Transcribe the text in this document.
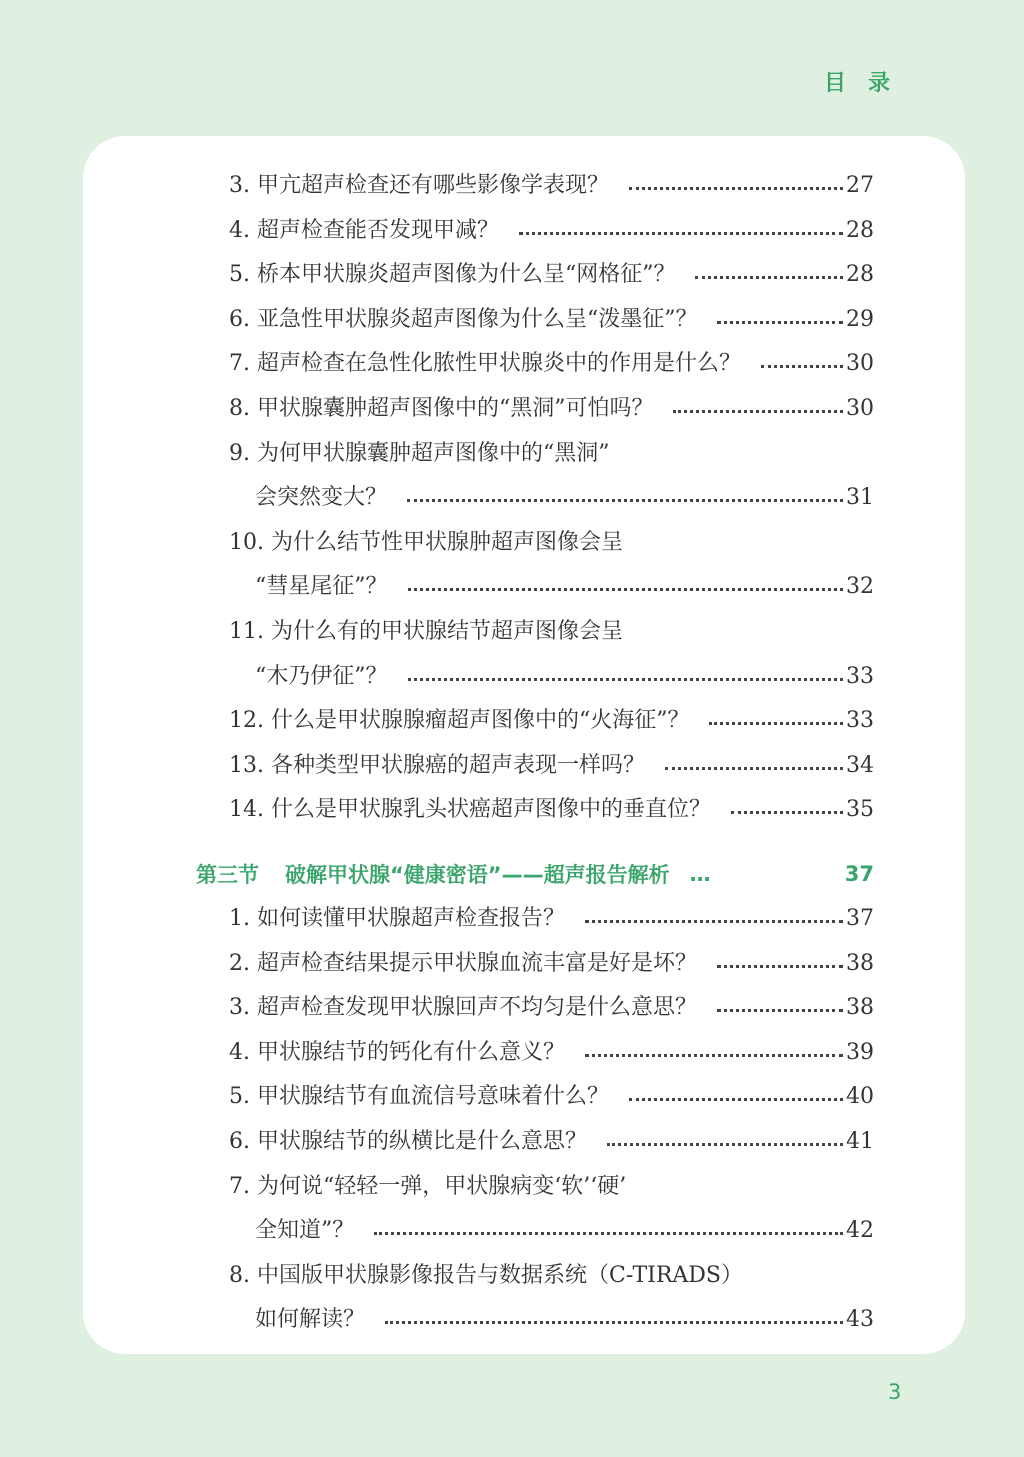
目录
3. 甲亢超声检查还有哪些影像学表现？	27
4. 超声检查能否发现甲减？	28
5. 桥本甲状腺炎超声图像为什么呈“网格征”？	28
6. 亚急性甲状腺炎超声图像为什么呈“泼墨征”？	29
7. 超声检查在急性化脓性甲状腺炎中的作用是什么？	30
8. 甲状腺囊肿超声图像中的“黑洞”可怕吗？	30
9. 为何甲状腺囊肿超声图像中的“黑洞”
会突然变大？	31
10. 为什么结节性甲状腺肿超声图像会呈
“彗星尾征”？	32
11. 为什么有的甲状腺结节超声图像会呈
“木乃伊征”？	33
12. 什么是甲状腺腺瘤超声图像中的“火海征”？	33
13. 各种类型甲状腺癌的超声表现一样吗？	34
14. 什么是甲状腺乳头状癌超声图像中的垂直位？	35
第三节 破解甲状腺“健康密语”——超声报告解析 …	37
1. 如何读懂甲状腺超声检查报告？	37
2. 超声检查结果提示甲状腺血流丰富是好是坏？	38
3. 超声检查发现甲状腺回声不均匀是什么意思？	38
4. 甲状腺结节的钙化有什么意义？	39
5. 甲状腺结节有血流信号意味着什么？	40
6. 甲状腺结节的纵横比是什么意思？	41
7. 为何说“轻轻一弹，甲状腺病变‘软’‘硬’
全知道”？	42
8. 中国版甲状腺影像报告与数据系统（C-TIRADS）
如何解读？	43
3
